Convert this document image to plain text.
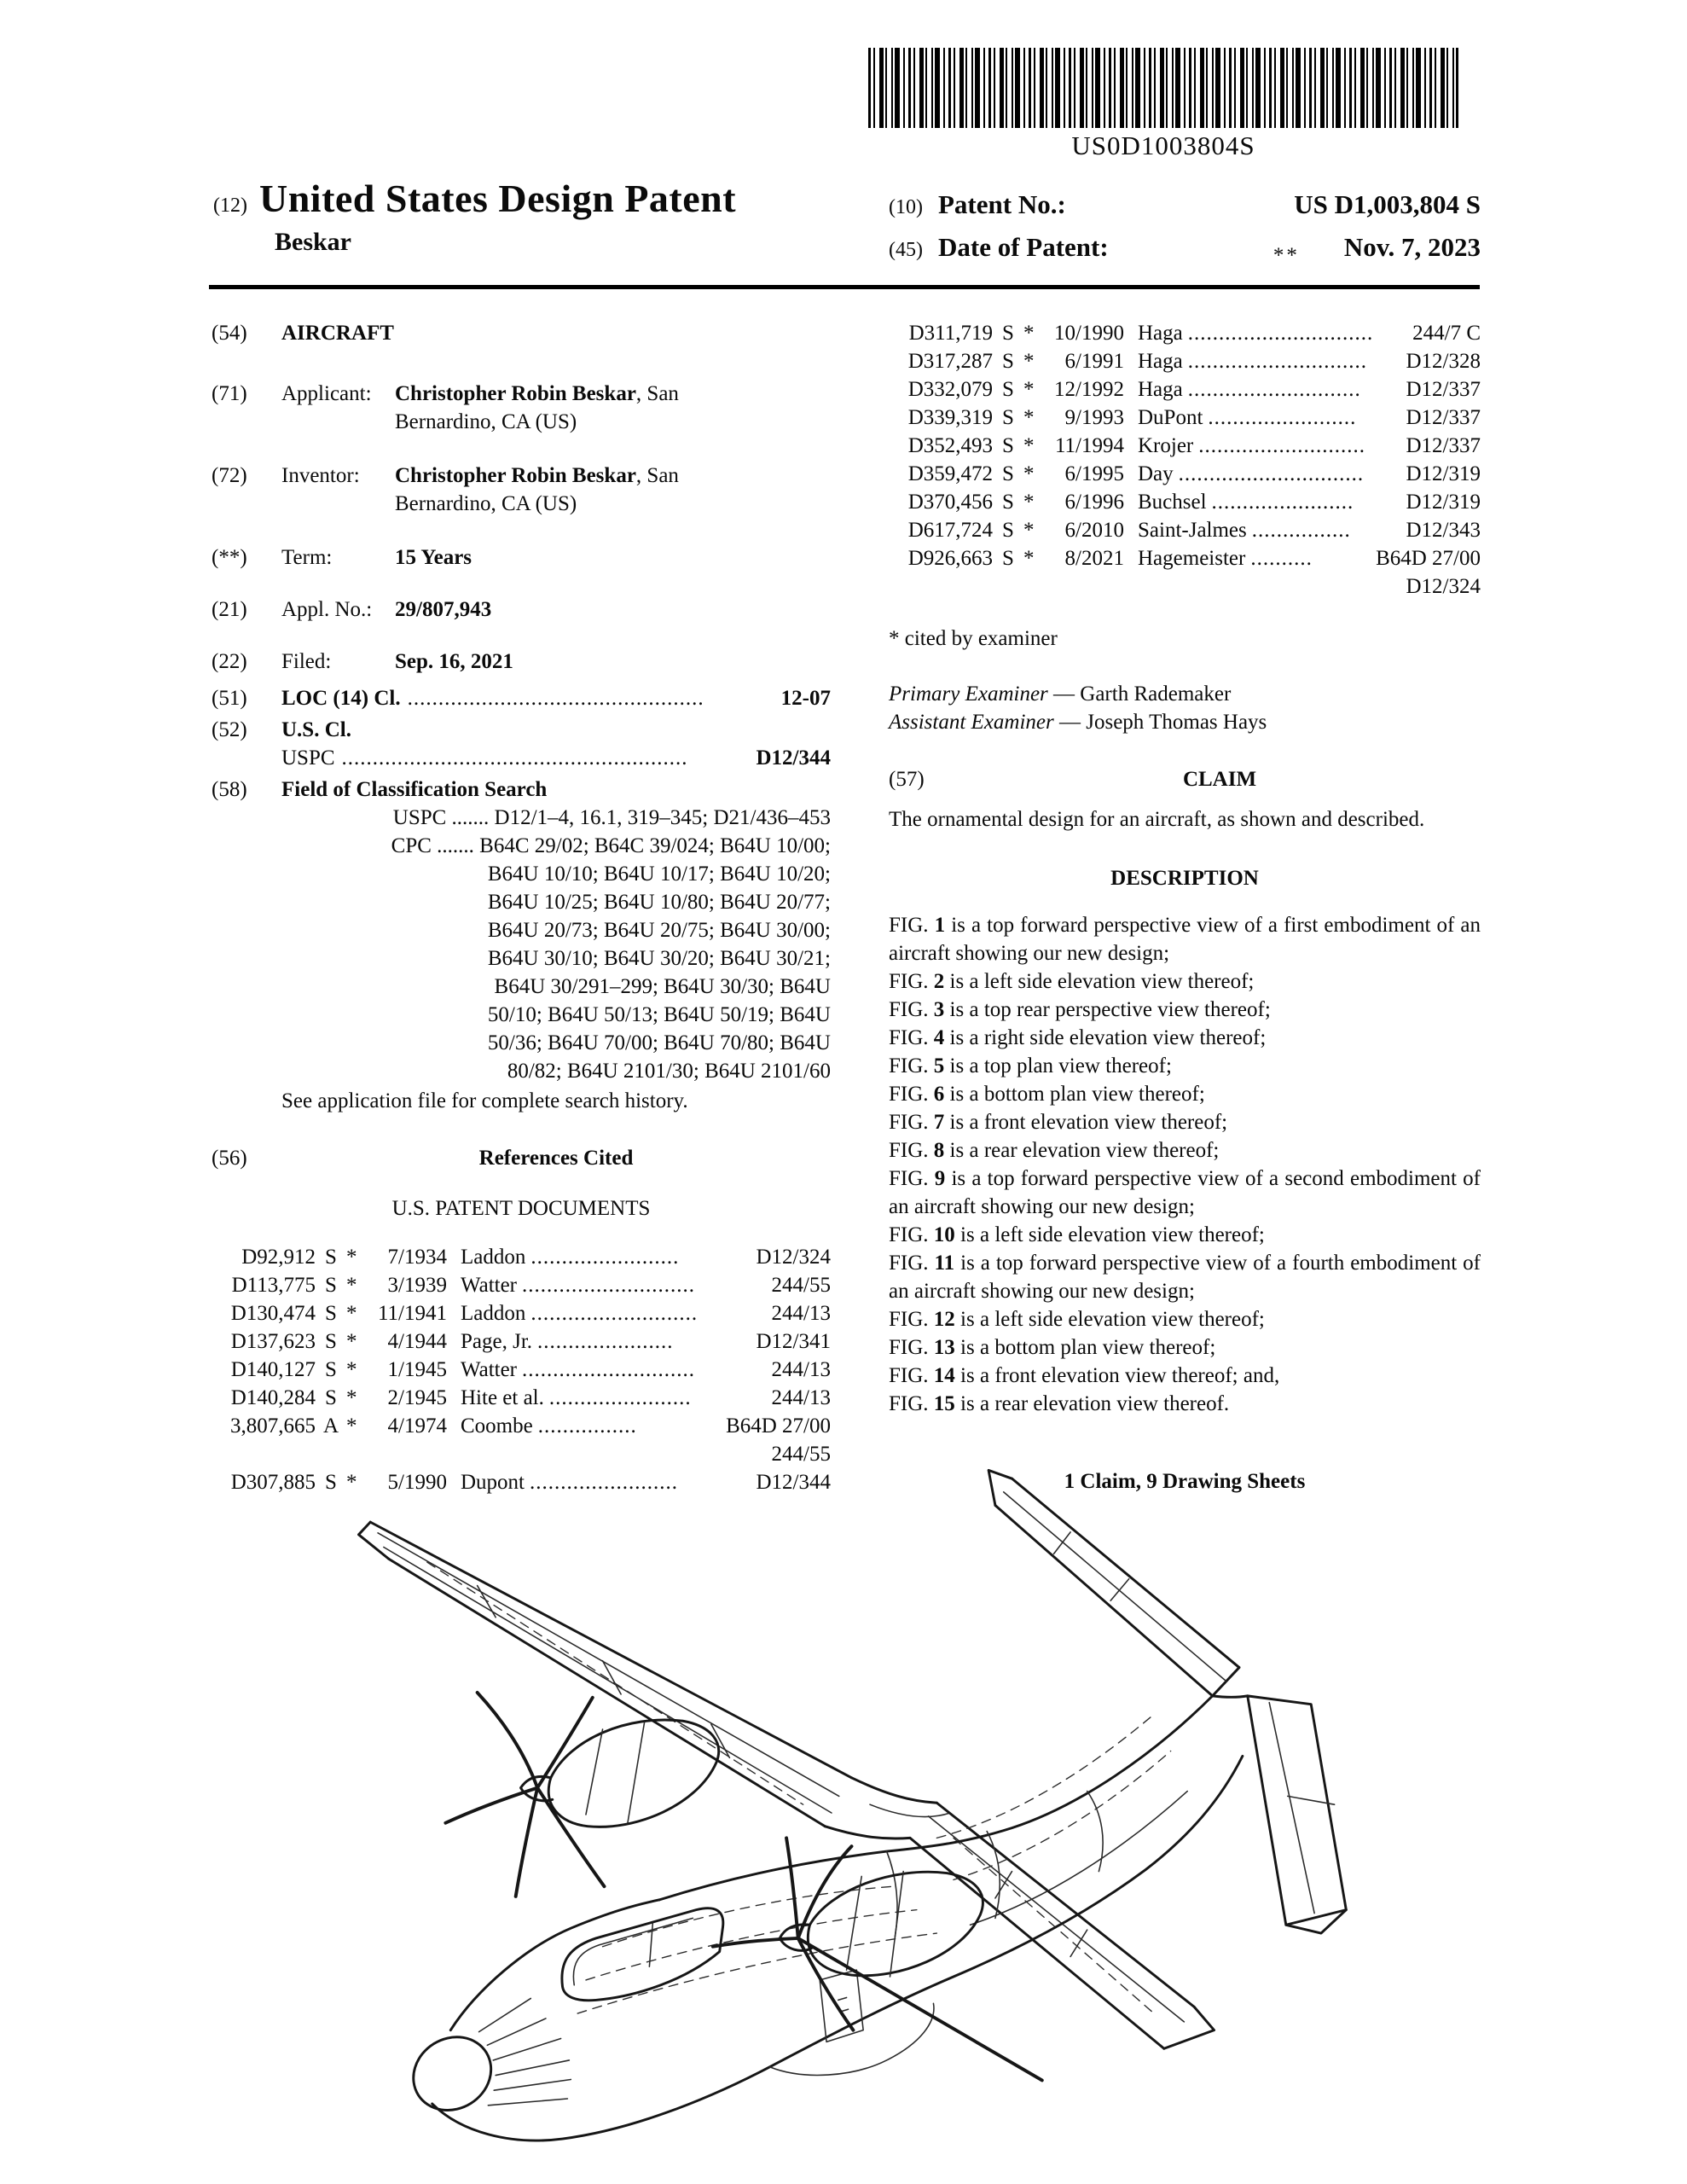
US0D1003804S
(12) United States Design Patent
Beskar
(10) Patent No.:	US D1,003,804 S
(45) Date of Patent:	** Nov. 7, 2023
(54)	AIRCRAFT
(71)	Applicant:	Christopher Robin Beskar, San
Bernardino, CA (US)
(72)	Inventor:	Christopher Robin Beskar, San
Bernardino, CA (US)
(**)	Term:	15 Years
(21)	Appl. No.:	29/807,943
(22)	Filed:	Sep. 16, 2021
(51)	LOC (14) Cl. ................................................	12-07
(52)	U.S. Cl.
USPC ........................................................	D12/344
(58)	Field of Classification Search
USPC ....... D12/1–4, 16.1, 319–345; D21/436–453
CPC ....... B64C 29/02; B64C 39/024; B64U 10/00;
B64U 10/10; B64U 10/17; B64U 10/20;
B64U 10/25; B64U 10/80; B64U 20/77;
B64U 20/73; B64U 20/75; B64U 30/00;
B64U 30/10; B64U 30/20; B64U 30/21;
B64U 30/291–299; B64U 30/30; B64U
50/10; B64U 50/13; B64U 50/19; B64U
50/36; B64U 70/00; B64U 70/80; B64U
80/82; B64U 2101/30; B64U 2101/60
See application file for complete search history.
(56)	References Cited
U.S. PATENT DOCUMENTS
D92,912 S *	7/1934 Laddon ........................	D12/324
D113,775 S *	3/1939 Watter ............................	244/55
D130,474 S * 11/1941 Laddon ...........................	244/13
D137,623 S *	4/1944 Page, Jr. ......................	D12/341
D140,127 S *	1/1945 Watter ............................	244/13
D140,284 S *	2/1945 Hite et al. .......................	244/13
3,807,665 A *	4/1974 Coombe ................	B64D 27/00
244/55
D307,885 S *	5/1990 Dupont ........................	D12/344
D311,719 S * 10/1990 Haga ..............................	244/7 C
D317,287 S *	6/1991 Haga .............................	D12/328
D332,079 S * 12/1992 Haga ............................	D12/337
D339,319 S *	9/1993 DuPont ........................	D12/337
D352,493 S * 11/1994 Krojer ...........................	D12/337
D359,472 S *	6/1995 Day ..............................	D12/319
D370,456 S *	6/1996 Buchsel .......................	D12/319
D617,724 S *	6/2010 Saint-Jalmes ................	D12/343
D926,663 S *	8/2021 Hagemeister ..........	B64D 27/00
D12/324
* cited by examiner
Primary Examiner — Garth Rademaker
Assistant Examiner — Joseph Thomas Hays
(57)	CLAIM

The ornamental design for an aircraft, as shown and described.

DESCRIPTION

FIG. 1 is a top forward perspective view of a first embodiment of an aircraft showing our new design;

FIG. 2 is a left side elevation view thereof;

FIG. 3 is a top rear perspective view thereof;

FIG. 4 is a right side elevation view thereof;

FIG. 5 is a top plan view thereof;

FIG. 6 is a bottom plan view thereof;

FIG. 7 is a front elevation view thereof;

FIG. 8 is a rear elevation view thereof;

FIG. 9 is a top forward perspective view of a second embodiment of an aircraft showing our new design;

FIG. 10 is a left side elevation view thereof;

FIG. 11 is a top forward perspective view of a fourth embodiment of an aircraft showing our new design;

FIG. 12 is a left side elevation view thereof;

FIG. 13 is a bottom plan view thereof;

FIG. 14 is a front elevation view thereof; and,

FIG. 15 is a rear elevation view thereof.

1 Claim, 9 Drawing Sheets
